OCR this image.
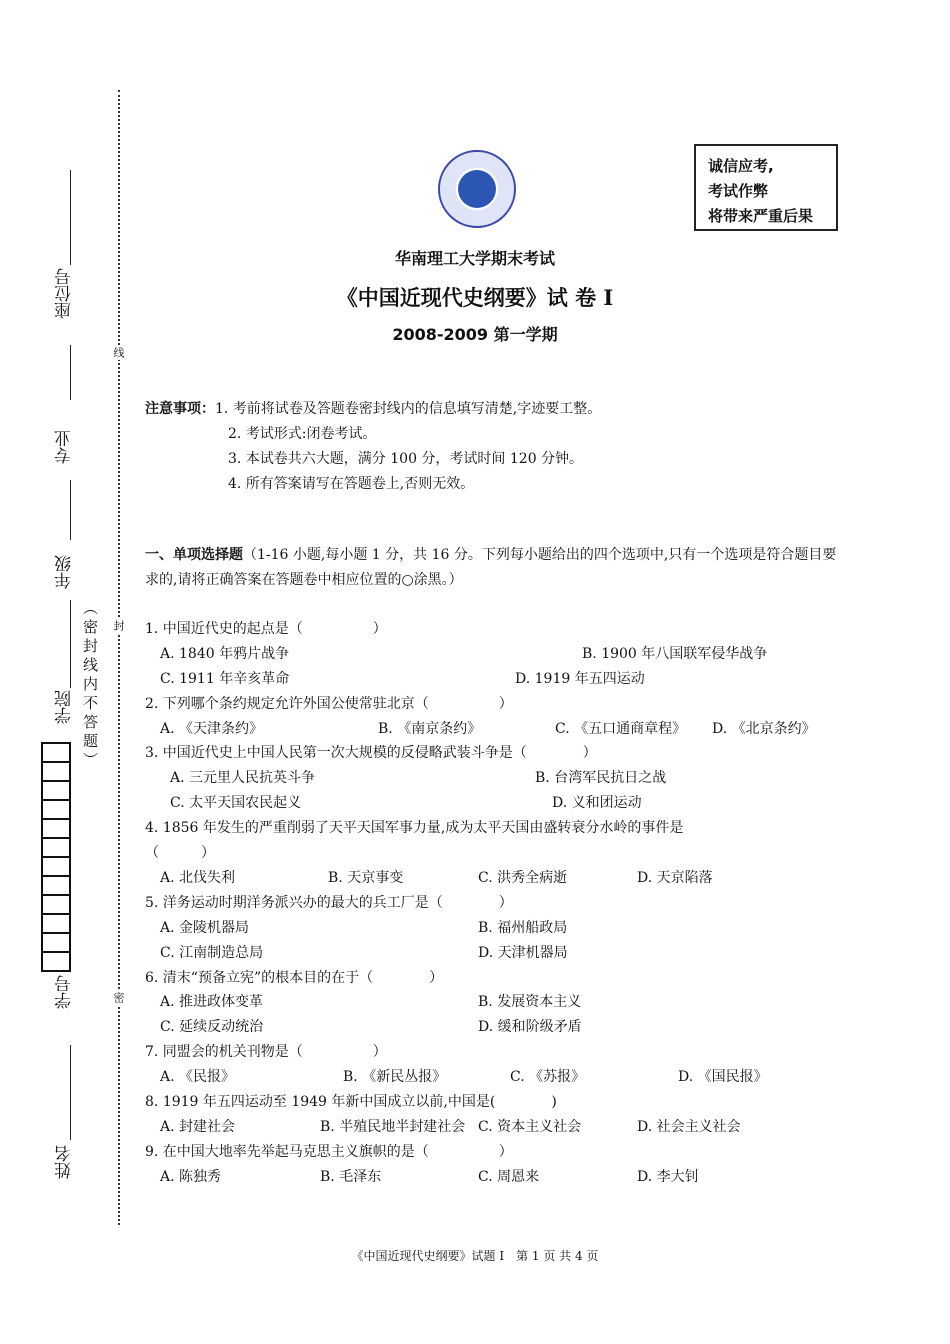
座位号
专业
年级
学院
学号
姓名
线
封
密
（密封线内不答题）
诚信应考,
考试作弊
将带来严重后果
华南理工大学期末考试
《中国近现代史纲要》试 卷 Ⅰ
2008-2009 第一学期
注意事项：1. 考前将试卷及答题卷密封线内的信息填写清楚,字迹要工整。
2. 考试形式:闭卷考试。
3. 本试卷共六大题，满分 100 分，考试时间 120 分钟。
4. 所有答案请写在答题卷上,否则无效。
一、单项选择题（1-16 小题,每小题 1 分，共 16 分。下列每小题给出的四个选项中,只有一个选项是符合题目要求的,请将正确答案在答题卷中相应位置的○涂黑。）
1. 中国近代史的起点是（　　　　　）
A. 1840 年鸦片战争	B. 1900 年八国联军侵华战争
C. 1911 年辛亥革命	D. 1919 年五四运动
2. 下列哪个条约规定允许外国公使常驻北京（　　　　　）
A. 《天津条约》	B. 《南京条约》	C. 《五口通商章程》 D. 《北京条约》
3. 中国近代史上中国人民第一次大规模的反侵略武装斗争是（　　　　）
A. 三元里人民抗英斗争	B. 台湾军民抗日之战
C. 太平天国农民起义	D. 义和团运动
4. 1856 年发生的严重削弱了天平天国军事力量,成为太平天国由盛转衰分水岭的事件是
（　　　）
A. 北伐失利	B. 天京事变	C. 洪秀全病逝	D. 天京陷落
5. 洋务运动时期洋务派兴办的最大的兵工厂是（　　　　）
A. 金陵机器局	B. 福州船政局
C. 江南制造总局	D. 天津机器局
6. 清末“预备立宪”的根本目的在于（　　　　）
A. 推进政体变革	B. 发展资本主义
C. 延续反动统治	D. 缓和阶级矛盾
7. 同盟会的机关刊物是（　　　　　）
A. 《民报》	B. 《新民丛报》	C. 《苏报》	D. 《国民报》
8. 1919 年五四运动至 1949 年新中国成立以前,中国是(　　　　)
A. 封建社会	B. 半殖民地半封建社会 C. 资本主义社会	D. 社会主义社会
9. 在中国大地率先举起马克思主义旗帜的是（　　　　　）
A. 陈独秀	B. 毛泽东	C. 周恩来	D. 李大钊
《中国近现代史纲要》试题 Ⅰ　第 1 页 共 4 页
